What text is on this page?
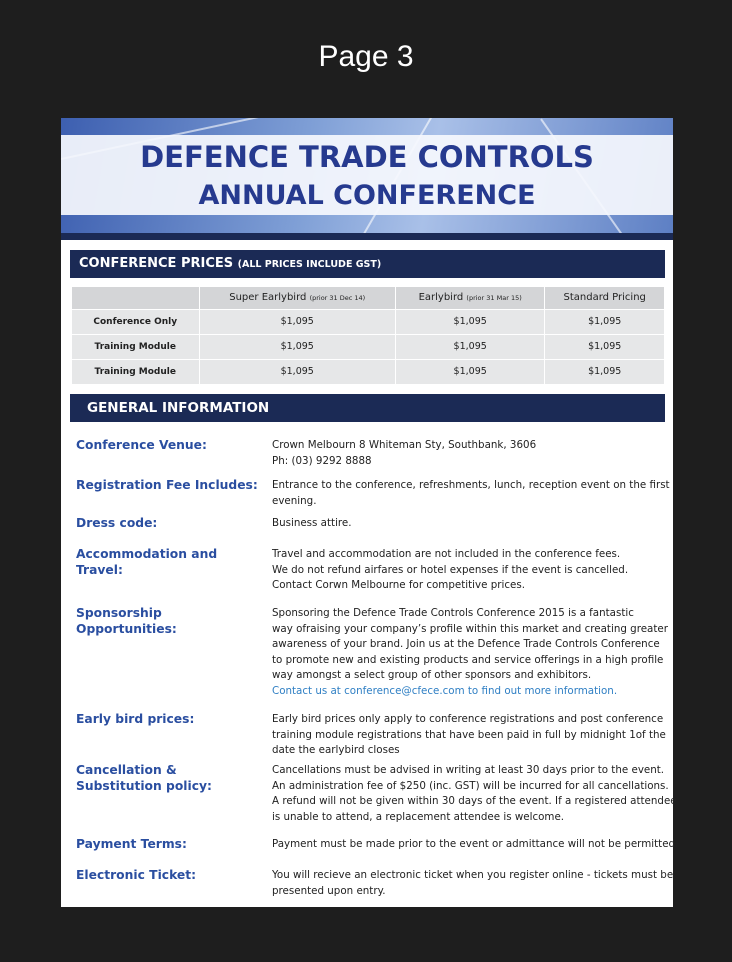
Page 3
DEFENCE TRADE CONTROLS
ANNUAL CONFERENCE
CONFERENCE PRICES (ALL PRICES INCLUDE GST)
	Super Earlybird (prior 31 Dec 14)	Earlybird (prior 31 Mar 15)	Standard Pricing
Conference Only	$1,095	$1,095	$1,095
Training Module	$1,095	$1,095	$1,095
Training Module	$1,095	$1,095	$1,095
GENERAL INFORMATION
Conference Venue:	Crown Melbourn 8 Whiteman Sty, Southbank, 3606
Ph: (03) 9292 8888
Registration Fee Includes:	Entrance to the conference, refreshments, lunch, reception event on the first
evening.
Dress code:	Business attire.
Accommodation and Travel:
Travel and accommodation are not included in the conference fees.
We do not refund airfares or hotel expenses if the event is cancelled.
Contact Corwn Melbourne for competitive prices.
Sponsorship Opportunities:
Sponsoring the Defence Trade Controls Conference 2015 is a fantastic
way ofraising your company’s profile within this market and creating greater
awareness of your brand. Join us at the Defence Trade Controls Conference
to promote new and existing products and service offerings in a high profile
way amongst a select group of other sponsors and exhibitors.
Contact us at conference@cfece.com to find out more information.
Early bird prices:	Early bird prices only apply to conference registrations and post conference
training module registrations that have been paid in full by midnight 1of the
date the earlybird closes
Cancellation & Substitution policy:
Cancellations must be advised in writing at least 30 days prior to the event.
An administration fee of $250 (inc. GST) will be incurred for all cancellations.
A refund will not be given within 30 days of the event. If a registered attendee
is unable to attend, a replacement attendee is welcome.
Payment Terms:	Payment must be made prior to the event or admittance will not be permitted.
Electronic Ticket:	You will recieve an electronic ticket when you register online - tickets must be
presented upon entry.
